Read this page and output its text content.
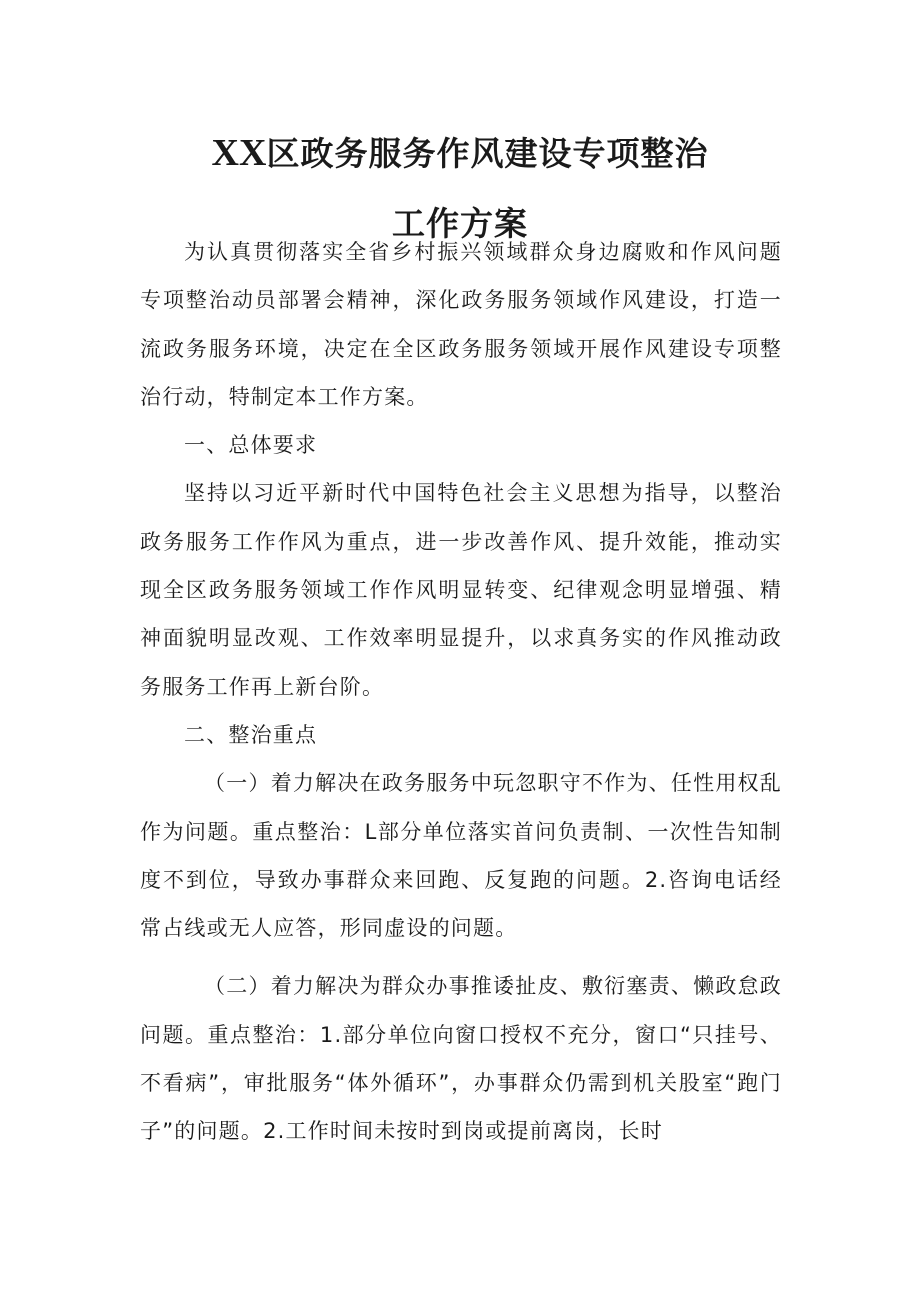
XX区政务服务作风建设专项整治
工作方案

为认真贯彻落实全省乡村振兴领域群众身边腐败和作风问题专项整治动员部署会精神，深化政务服务领域作风建设，打造一流政务服务环境，决定在全区政务服务领域开展作风建设专项整治行动，特制定本工作方案。

一、总体要求

坚持以习近平新时代中国特色社会主义思想为指导，以整治政务服务工作作风为重点，进一步改善作风、提升效能，推动实现全区政务服务领域工作作风明显转变、纪律观念明显增强、精神面貌明显改观、工作效率明显提升，以求真务实的作风推动政务服务工作再上新台阶。

二、整治重点

（一）着力解决在政务服务中玩忽职守不作为、任性用权乱作为问题。重点整治：L部分单位落实首问负责制、一次性告知制度不到位，导致办事群众来回跑、反复跑的问题。2.咨询电话经常占线或无人应答，形同虚设的问题。

（二）着力解决为群众办事推诿扯皮、敷衍塞责、懒政怠政问题。重点整治：1.部分单位向窗口授权不充分，窗口“只挂号、不看病”，审批服务“体外循环”，办事群众仍需到机关股室“跑门子”的问题。2.工作时间未按时到岗或提前离岗，长时
